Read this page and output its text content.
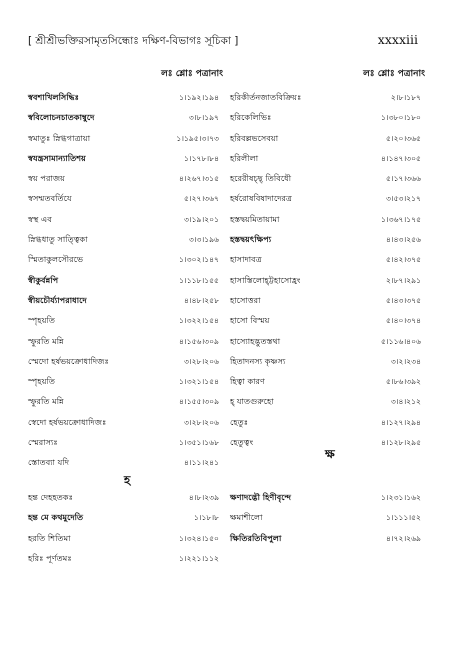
[ শ্রীশ্রীভক্তিরসামৃতসিন্ধোঃ দক্ষিণ-বিভাগঃ সূচিকা ]	xxxxiii
লঃ শ্লোঃ পত্রানাং
স্ববশাখিলসিদ্ধিঃ	১।১৯২।১৯৪
স্ববিলোচনচাতকাম্বুদে	৩।৮।১৯৭
স্বমাতুঃ স্নিগ্ধগাত্রায়া	১।১৯৫।৩।৭৩
স্বযন্ত্রসামান্যাতিশয়	১।১৭৮।৮৪
স্বয় পরাজয়	৪।২৬৭।৩১৫
স্বসম্মতবর্তিযে	৫।২৭।৩৬৭
স্বস্থ এব	৩।১৯।২০১
স্নিগ্ধধাতু সাত্ত্বিকা	৩।৩।১৯৬
স্মিতাকুলসৌরভে	১।৩০২।১৪৭
স্বীকুর্বন্নপি	১।১১৮।১৫৫
স্বীয়চৌর্য্যাপরাধাদে	৪।৪৮।২৫৮
স্পৃহয়তি	১।৩২২।১৫৪
স্ফুরতি মন্নি	৪।১৫৬।৩০৯
স্মেদো হর্ষভয়ক্রোধাদিজঃ	৩।২৮।২০৬
স্পৃহয়তি	১।৩২১।১৫৪
স্ফুরতি মন্নি	৪।১৫৫।৩০৯
স্বেদো হর্ষভয়ক্রোধাদিজঃ	৩।২৮।২০৬
স্মেরাস্যঃ	১।৩৫১।১৬৮
স্তোতব্যা যদি	৪।১১।২৪১
লঃ শ্লোঃ পত্রানাং
হরিকীর্তনজাতবিক্রিয়ঃ	২।৮।১৮৭
হরিকেলিভিঃ	১।৩৮০।১৮০
হরিবল্লভসেবয়া	৫।২০।৩৬৫
হরিলীলা	৪।১৪৭।৩০৫
হরেরীষচ্ছ্ তিবিধৌ	৫।১৭।৩৬৬
হর্ষরোষবিষাদাদেরত্র	৩।৫৩।২১৭
হস্তদ্বয়মিতায়ামা	১।৩৬৭।১৭৫
হস্তদ্বয়ৎক্ষিপ্য	৪।৪৩।২৫৬
হাসাদাবত্র	৫।৪২।৩৭৫
হাসাস্তিলোহ্ট্টহাসোহ্রং	২।৮৭।২৯১
হাসোত্তরা	৫।৪৩।৩৭৫
হাসো বিস্ময়	৫।৪০।৩৭৪
হাস্যোহদ্ভুতস্তথা	৫।১১৬।৪০৬
হিতাদনস্য কৃষ্ণস্য	৩।২।২৩৪
হিত্বা কারণ	৫।৮৬।৩৯২
হ্ যাতগুরুহো	৩।৪।২১২
হেতুঃ	৪।১২৭।২৯৪
হেতুত্বং	৪।১২৮।২৯৫
হ
ক্ষ
হন্ত দেহহতকঃ	৪।৮।২৩৯
হন্ত মে কথমুদেতি	১।১৮।৮
হরতি শিতিমা	১।৩২৪।১৫০
হরিঃ পূর্ণতমঃ	১।২২১।১১২
ক্ষণাদদ্ভৌ হিণীবৃন্দে	১।২৩১।১৬২
ক্ষমাশীলো	১।১১১।৫২
ক্ষিতিরতিবিপুলা	৪।৭২।২৬৯
